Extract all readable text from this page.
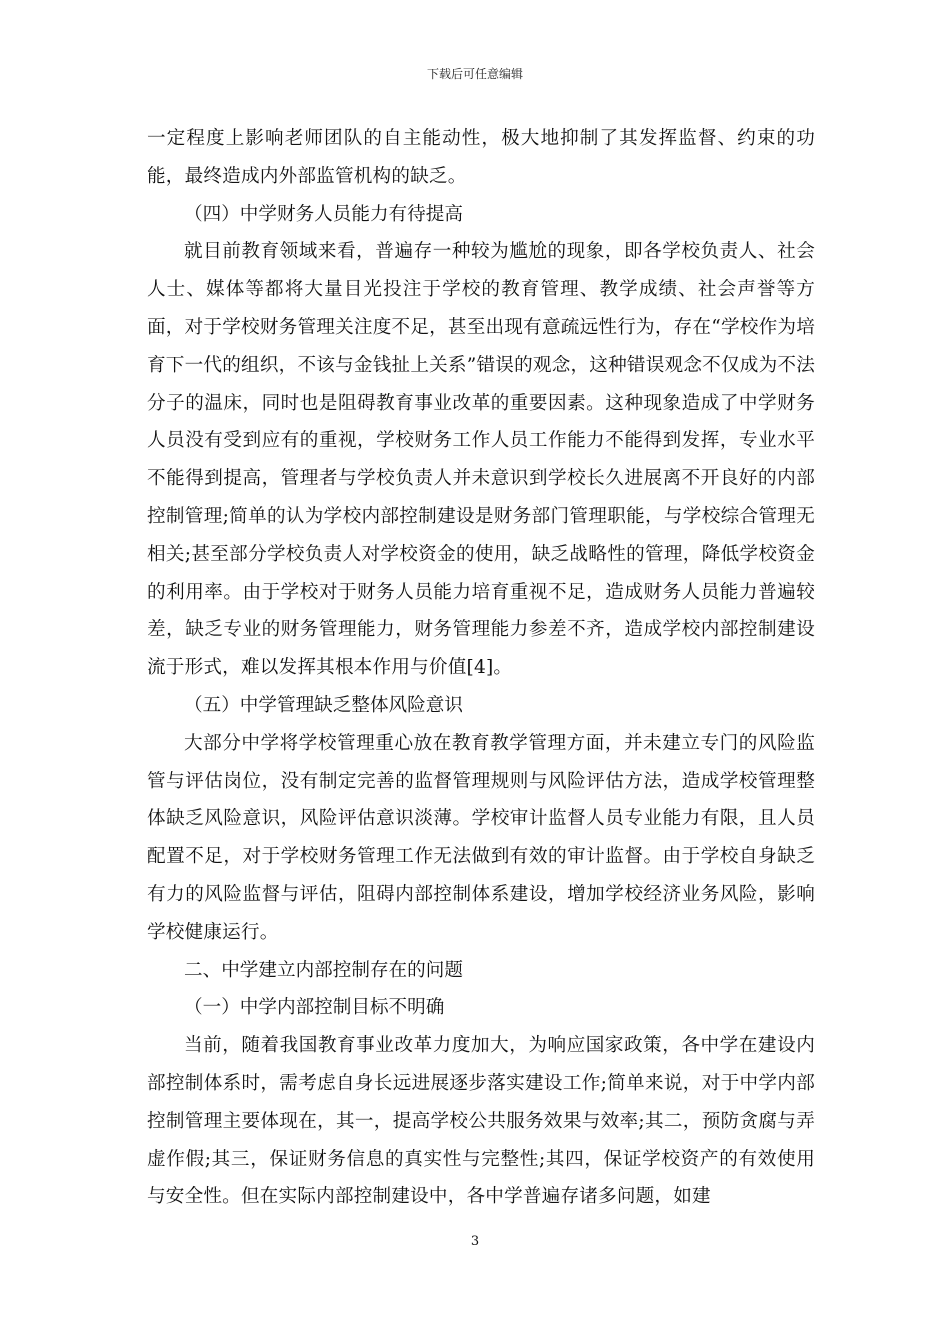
下载后可任意编辑

一定程度上影响老师团队的自主能动性，极大地抑制了其发挥监督、约束的功能，最终造成内外部监管机构的缺乏。

（四）中学财务人员能力有待提高

就目前教育领域来看，普遍存一种较为尴尬的现象，即各学校负责人、社会人士、媒体等都将大量目光投注于学校的教育管理、教学成绩、社会声誉等方面，对于学校财务管理关注度不足，甚至出现有意疏远性行为，存在“学校作为培育下一代的组织，不该与金钱扯上关系”错误的观念，这种错误观念不仅成为不法分子的温床，同时也是阻碍教育事业改革的重要因素。这种现象造成了中学财务人员没有受到应有的重视，学校财务工作人员工作能力不能得到发挥，专业水平不能得到提高，管理者与学校负责人并未意识到学校长久进展离不开良好的内部控制管理;简单的认为学校内部控制建设是财务部门管理职能，与学校综合管理无相关;甚至部分学校负责人对学校资金的使用，缺乏战略性的管理，降低学校资金的利用率。由于学校对于财务人员能力培育重视不足，造成财务人员能力普遍较差，缺乏专业的财务管理能力，财务管理能力参差不齐，造成学校内部控制建设流于形式，难以发挥其根本作用与价值[4]。

（五）中学管理缺乏整体风险意识

大部分中学将学校管理重心放在教育教学管理方面，并未建立专门的风险监管与评估岗位，没有制定完善的监督管理规则与风险评估方法，造成学校管理整体缺乏风险意识，风险评估意识淡薄。学校审计监督人员专业能力有限，且人员配置不足，对于学校财务管理工作无法做到有效的审计监督。由于学校自身缺乏有力的风险监督与评估，阻碍内部控制体系建设，增加学校经济业务风险，影响学校健康运行。

二、中学建立内部控制存在的问题

（一）中学内部控制目标不明确

当前，随着我国教育事业改革力度加大，为响应国家政策，各中学在建设内部控制体系时，需考虑自身长远进展逐步落实建设工作;简单来说，对于中学内部控制管理主要体现在，其一，提高学校公共服务效果与效率;其二，预防贪腐与弄虚作假;其三，保证财务信息的真实性与完整性;其四，保证学校资产的有效使用与安全性。但在实际内部控制建设中，各中学普遍存诸多问题，如建

3
